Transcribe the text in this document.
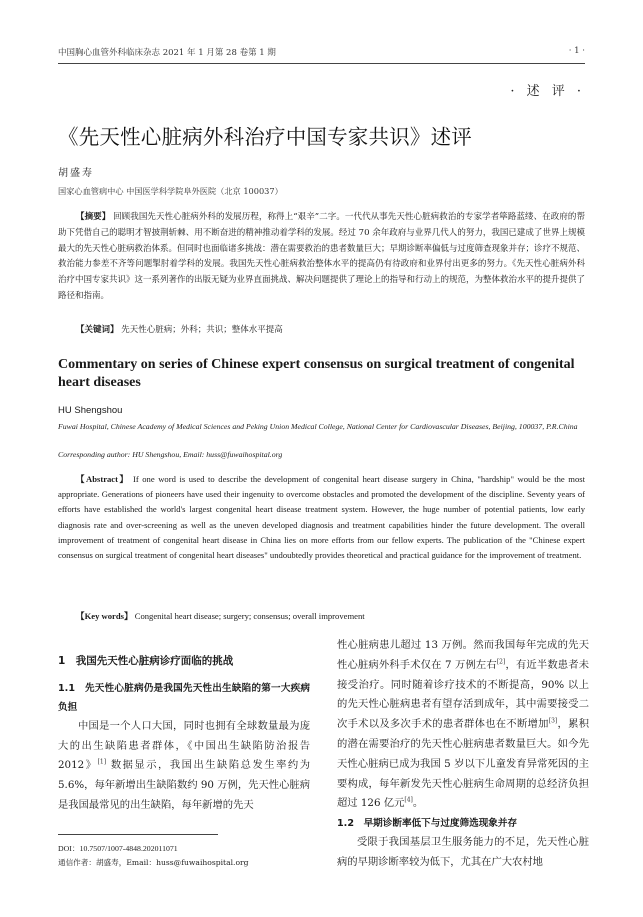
中国胸心血管外科临床杂志 2021 年 1 月第 28 卷第 1 期	· 1 ·
· 述 评 ·
《先天性心脏病外科治疗中国专家共识》述评
胡盛寿
国家心血管病中心 中国医学科学院阜外医院（北京 100037）
【摘要】 回顾我国先天性心脏病外科的发展历程，称得上“艰辛”二字。一代代从事先天性心脏病救治的专家学者筚路蓝缕、在政府的帮助下凭借自己的聪明才智披荆斩棘、用不断奋进的精神推动着学科的发展。经过 70 余年政府与业界几代人的努力，我国已建成了世界上规模最大的先天性心脏病救治体系。但同时也面临诸多挑战：潜在需要救治的患者数量巨大；早期诊断率偏低与过度筛查现象并存；诊疗不规范、救治能力参差不齐等问题掣肘着学科的发展。我国先天性心脏病救治整体水平的提高仍有待政府和业界付出更多的努力。《先天性心脏病外科治疗中国专家共识》这一系列著作的出版无疑为业界直面挑战、解决问题提供了理论上的指导和行动上的规范，为整体救治水平的提升提供了路径和指南。
【关键词】 先天性心脏病；外科；共识；整体水平提高
Commentary on series of Chinese expert consensus on surgical treatment of congenital heart diseases
HU Shengshou
Fuwai Hospital, Chinese Academy of Medical Sciences and Peking Union Medical College, National Center for Cardiovascular Diseases, Beijing, 100037, P.R.China
Corresponding author: HU Shengshou, Email: huss@fuwaihospital.org
【Abstract】 If one word is used to describe the development of congenital heart disease surgery in China, "hardship" would be the most appropriate. Generations of pioneers have used their ingenuity to overcome obstacles and promoted the development of the discipline. Seventy years of efforts have established the world's largest congenital heart disease treatment system. However, the huge number of potential patients, low early diagnosis rate and over-screening as well as the uneven developed diagnosis and treatment capabilities hinder the future development. The overall improvement of treatment of congenital heart disease in China lies on more efforts from our fellow experts. The publication of the "Chinese expert consensus on surgical treatment of congenital heart diseases" undoubtedly provides theoretical and practical guidance for the improvement of treatment.
【Key words】 Congenital heart disease; surgery; consensus; overall improvement
1　我国先天性心脏病诊疗面临的挑战
1.1　先天性心脏病仍是我国先天性出生缺陷的第一大疾病负担

中国是一个人口大国，同时也拥有全球数量最为庞大的出生缺陷患者群体，《中国出生缺陷防治报告 2012》[1] 数据显示，我国出生缺陷总发生率约为 5.6%，每年新增出生缺陷数约 90 万例，先天性心脏病是我国最常见的出生缺陷，每年新增的先天

性心脏病患儿超过 13 万例。然而我国每年完成的先天性心脏病外科手术仅在 7 万例左右[2]，有近半数患者未接受治疗。同时随着诊疗技术的不断提高，90% 以上的先天性心脏病患者有望存活到成年，其中需要接受二次手术以及多次手术的患者群体也在不断增加[3]，累积的潜在需要治疗的先天性心脏病患者数量巨大。如今先天性心脏病已成为我国 5 岁以下儿童发育异常死因的主要构成，每年新发先天性心脏病生命周期的总经济负担超过 126 亿元[4]。

1.2　早期诊断率低下与过度筛选现象并存

受限于我国基层卫生服务能力的不足，先天性心脏病的早期诊断率较为低下，尤其在广大农村地

DOI：10.7507/1007-4848.202011071
通信作者：胡盛寿，Email：huss@fuwaihospital.org
